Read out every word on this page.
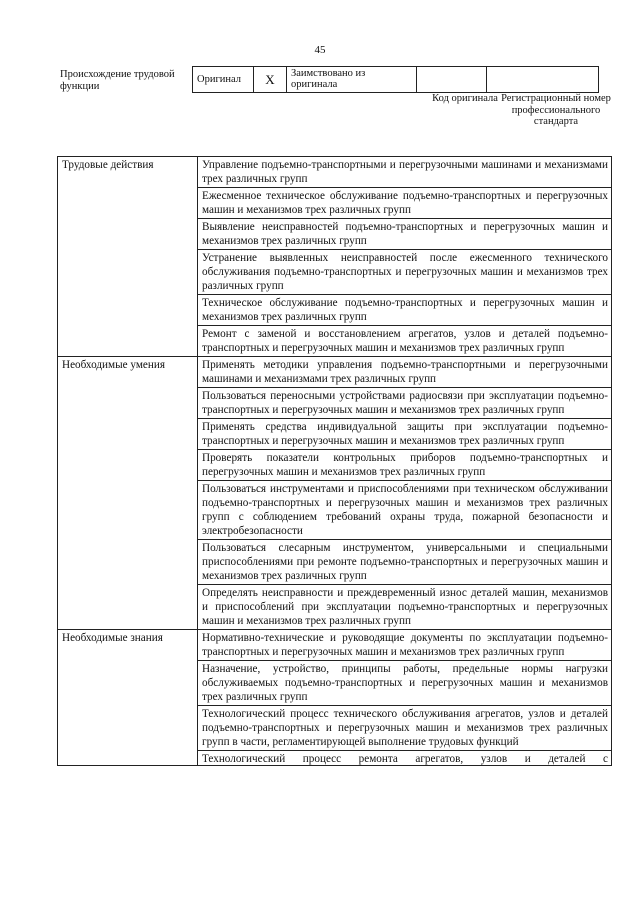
45
Происхождение трудовой функции
Оригинал	X	Заимствовано из оригинала		
Код оригинала Регистрационный номер профессионального стандарта
Трудовые действия	Управление подъемно-транспортными и перегрузочными машинами и механизмами трех различных групп
	Ежесменное техническое обслуживание подъемно-транспортных и перегрузочных машин и механизмов трех различных групп
	Выявление неисправностей подъемно-транспортных и перегрузочных машин и механизмов трех различных групп
	Устранение выявленных неисправностей после ежесменного технического обслуживания подъемно-транспортных и перегрузочных машин и механизмов трех различных групп
	Техническое обслуживание подъемно-транспортных и перегрузочных машин и механизмов трех различных групп
	Ремонт с заменой и восстановлением агрегатов, узлов и деталей подъемно-транспортных и перегрузочных машин и механизмов трех различных групп
Необходимые умения	Применять методики управления подъемно-транспортными и перегрузочными машинами и механизмами трех различных групп
	Пользоваться переносными устройствами радиосвязи при эксплуатации подъемно-транспортных и перегрузочных машин и механизмов трех различных групп
	Применять средства индивидуальной защиты при эксплуатации подъемно-транспортных и перегрузочных машин и механизмов трех различных групп
	Проверять показатели контрольных приборов подъемно-транспортных и перегрузочных машин и механизмов трех различных групп
	Пользоваться инструментами и приспособлениями при техническом обслуживании подъемно-транспортных и перегрузочных машин и механизмов трех различных групп с соблюдением требований охраны труда, пожарной безопасности и электробезопасности
	Пользоваться слесарным инструментом, универсальными и специальными приспособлениями при ремонте подъемно-транспортных и перегрузочных машин и механизмов трех различных групп
	Определять неисправности и преждевременный износ деталей машин, механизмов и приспособлений при эксплуатации подъемно-транспортных и перегрузочных машин и механизмов трех различных групп
Необходимые знания	Нормативно-технические и руководящие документы по эксплуатации подъемно-транспортных и перегрузочных машин и механизмов трех различных групп
	Назначение, устройство, принципы работы, предельные нормы нагрузки обслуживаемых подъемно-транспортных и перегрузочных машин и механизмов трех различных групп
	Технологический процесс технического обслуживания агрегатов, узлов и деталей подъемно-транспортных и перегрузочных машин и механизмов трех различных групп в части, регламентирующей выполнение трудовых функций

	Технологический процесс ремонта агрегатов, узлов и деталей с
